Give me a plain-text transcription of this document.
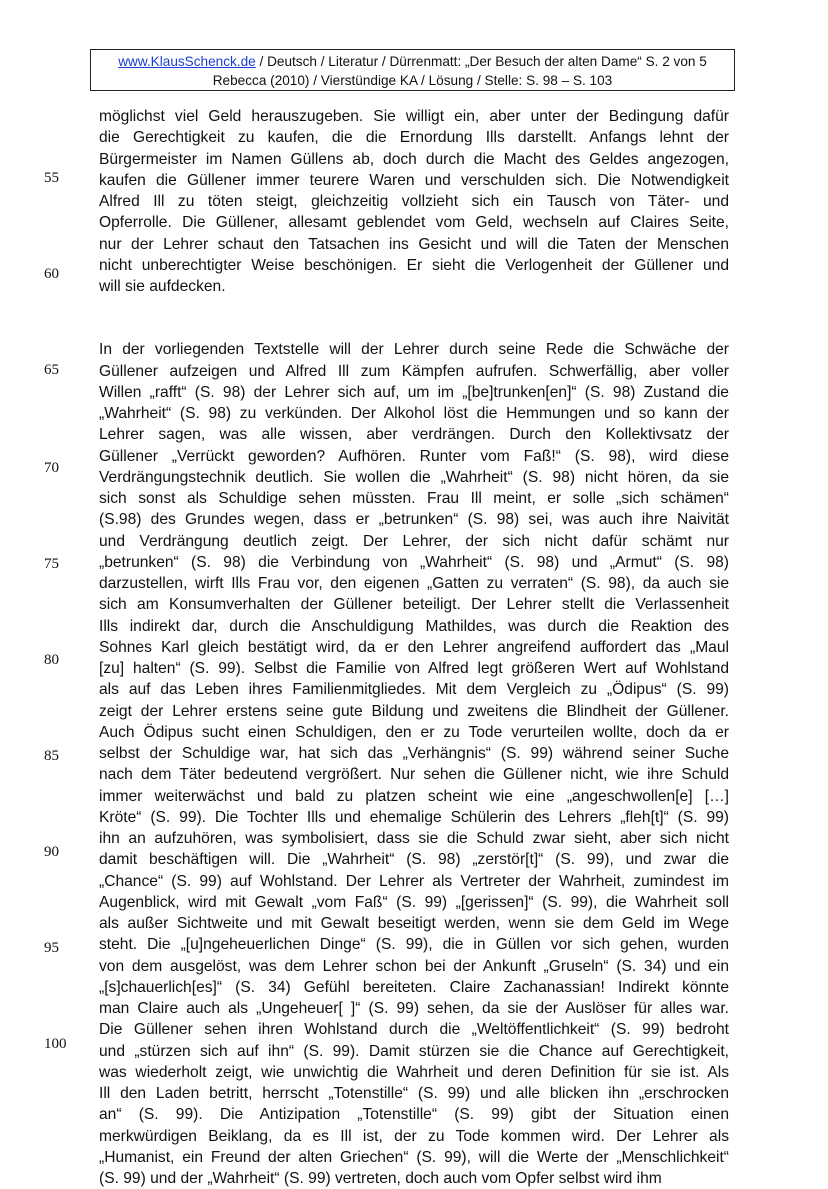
www.KlausSchenck.de / Deutsch / Literatur / Dürrenmatt: „Der Besuch der alten Dame“ S. 2 von 5
Rebecca (2010) / Vierstündige KA / Lösung / Stelle: S. 98 – S. 103
55
60
65
70
75
80
85
90
95
100
möglichst viel Geld herauszugeben. Sie willigt ein, aber unter der Bedingung dafür
die Gerechtigkeit zu kaufen, die die Ernordung Ills darstellt. Anfangs lehnt der
Bürgermeister im Namen Güllens ab, doch durch die Macht des Geldes angezogen,
kaufen die Güllener immer teurere Waren und verschulden sich. Die Notwendigkeit
Alfred Ill zu töten steigt, gleichzeitig vollzieht sich ein Tausch von Täter- und
Opferrolle. Die Güllener, allesamt geblendet vom Geld, wechseln auf Claires Seite,
nur der Lehrer schaut den Tatsachen ins Gesicht und will die Taten der Menschen
nicht unberechtigter Weise beschönigen. Er sieht die Verlogenheit der Güllener und
will sie aufdecken.
In der vorliegenden Textstelle will der Lehrer durch seine Rede die Schwäche der
Güllener aufzeigen und Alfred Ill zum Kämpfen aufrufen. Schwerfällig, aber voller
Willen „rafft“ (S. 98) der Lehrer sich auf, um im „[be]trunken[en]“ (S. 98) Zustand die
„Wahrheit“ (S. 98) zu verkünden. Der Alkohol löst die Hemmungen und so kann der
Lehrer sagen, was alle wissen, aber verdrängen. Durch den Kollektivsatz der
Güllener „Verrückt geworden? Aufhören. Runter vom Faß!“ (S. 98), wird diese
Verdrängungstechnik deutlich. Sie wollen die „Wahrheit“ (S. 98) nicht hören, da sie
sich sonst als Schuldige sehen müssten. Frau Ill meint, er solle „sich schämen“
(S.98) des Grundes wegen, dass er „betrunken“ (S. 98) sei, was auch ihre Naivität
und Verdrängung deutlich zeigt. Der Lehrer, der sich nicht dafür schämt nur
„betrunken“ (S. 98) die Verbindung von „Wahrheit“ (S. 98) und „Armut“ (S. 98)
darzustellen, wirft Ills Frau vor, den eigenen „Gatten zu verraten“ (S. 98), da auch sie
sich am Konsumverhalten der Güllener beteiligt. Der Lehrer stellt die Verlassenheit
Ills indirekt dar, durch die Anschuldigung Mathildes, was durch die Reaktion des
Sohnes Karl gleich bestätigt wird, da er den Lehrer angreifend auffordert das „Maul
[zu] halten“ (S. 99). Selbst die Familie von Alfred legt größeren Wert auf Wohlstand
als auf das Leben ihres Familienmitgliedes. Mit dem Vergleich zu „Ödipus“ (S. 99)
zeigt der Lehrer erstens seine gute Bildung und zweitens die Blindheit der Güllener.
Auch Ödipus sucht einen Schuldigen, den er zu Tode verurteilen wollte, doch da er
selbst der Schuldige war, hat sich das „Verhängnis“ (S. 99) während seiner Suche
nach dem Täter bedeutend vergrößert. Nur sehen die Güllener nicht, wie ihre Schuld
immer weiterwächst und bald zu platzen scheint wie eine „angeschwollen[e] […]
Kröte“ (S. 99). Die Tochter Ills und ehemalige Schülerin des Lehrers „fleh[t]“ (S. 99)
ihn an aufzuhören, was symbolisiert, dass sie die Schuld zwar sieht, aber sich nicht
damit beschäftigen will. Die „Wahrheit“ (S. 98) „zerstör[t]“ (S. 99), und zwar die
„Chance“ (S. 99) auf Wohlstand. Der Lehrer als Vertreter der Wahrheit, zumindest im
Augenblick, wird mit Gewalt „vom Faß“ (S. 99) „[gerissen]“ (S. 99), die Wahrheit soll
als außer Sichtweite und mit Gewalt beseitigt werden, wenn sie dem Geld im Wege
steht. Die „[u]ngeheuerlichen Dinge“ (S. 99), die in Güllen vor sich gehen, wurden
von dem ausgelöst, was dem Lehrer schon bei der Ankunft „Gruseln“ (S. 34) und ein
„[s]chauerlich[es]“ (S. 34) Gefühl bereiteten. Claire Zachanassian! Indirekt könnte
man Claire auch als „Ungeheuer[ ]“ (S. 99) sehen, da sie der Auslöser für alles war.
Die Güllener sehen ihren Wohlstand durch die „Weltöffentlichkeit“ (S. 99) bedroht
und „stürzen sich auf ihn“ (S. 99). Damit stürzen sie die Chance auf Gerechtigkeit,
was wiederholt zeigt, wie unwichtig die Wahrheit und deren Definition für sie ist. Als
Ill den Laden betritt, herrscht „Totenstille“ (S. 99) und alle blicken ihn „erschrocken
an“ (S. 99). Die Antizipation „Totenstille“ (S. 99) gibt der Situation einen
merkwürdigen Beiklang, da es Ill ist, der zu Tode kommen wird. Der Lehrer als
„Humanist, ein Freund der alten Griechen“ (S. 99), will die Werte der „Menschlichkeit“
(S. 99) und der „Wahrheit“ (S. 99) vertreten, doch auch vom Opfer selbst wird ihm
